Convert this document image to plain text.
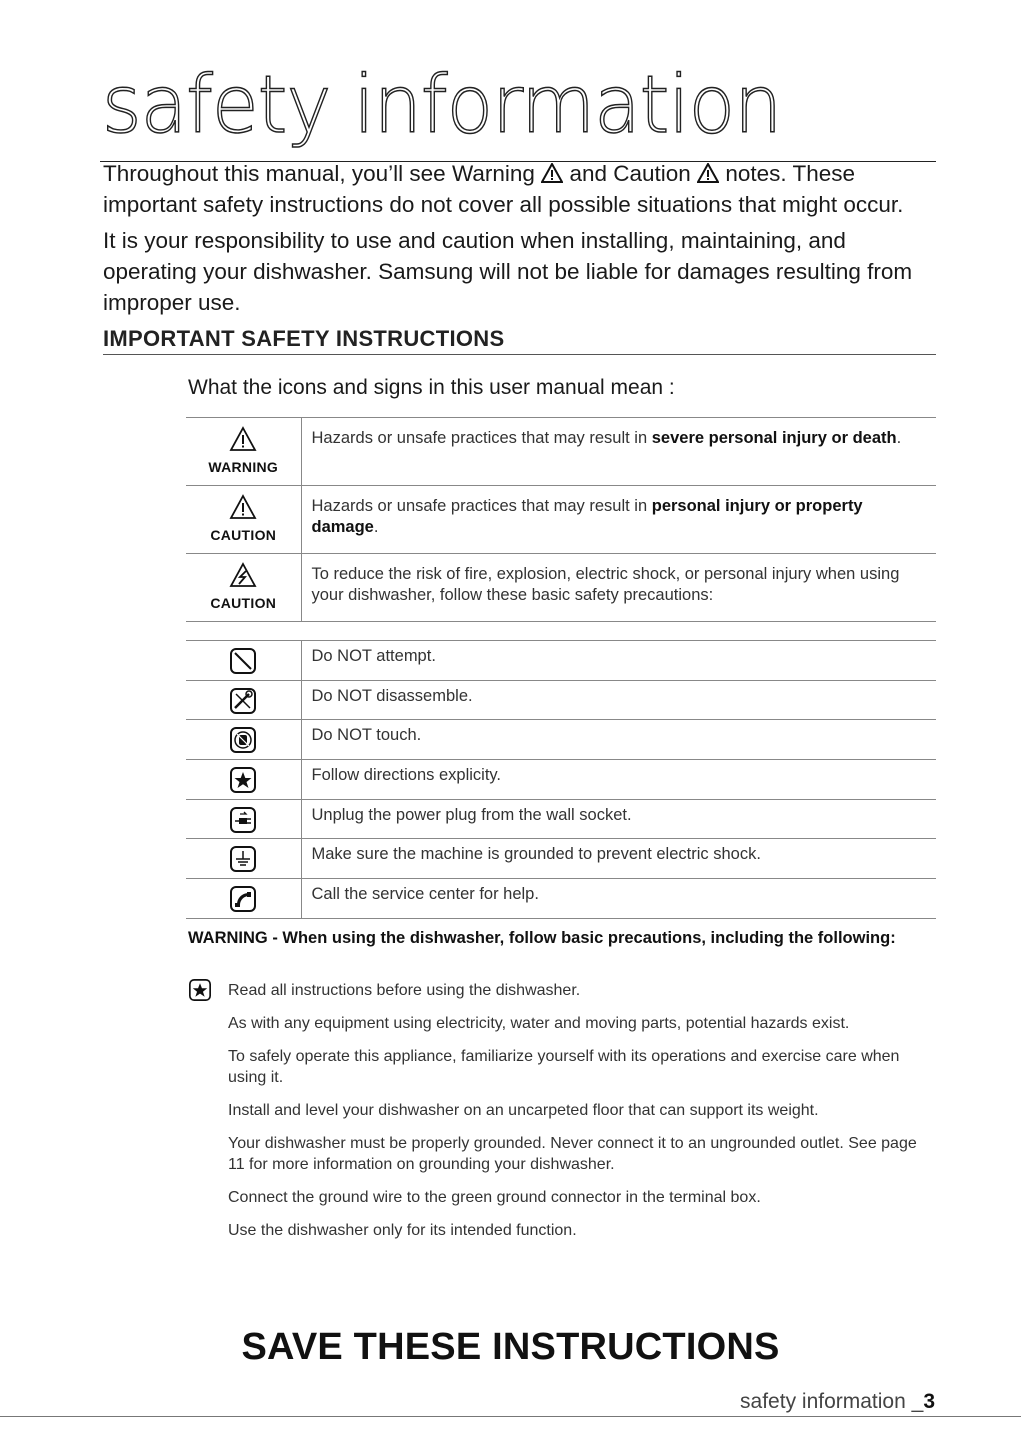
safety information

Throughout this manual, you’ll see Warning and Caution notes. These important safety instructions do not cover all possible situations that might occur.

It is your responsibility to use and caution when installing, maintaining, and operating your dishwasher. Samsung will not be liable for damages resulting from improper use.

IMPORTANT SAFETY INSTRUCTIONS
What the icons and signs in this user manual mean :
WARNING	Hazards or unsafe practices that may result in severe personal injury or death.

CAUTION	Hazards or unsafe practices that may result in personal injury or property damage.

CAUTION	To reduce the risk of fire, explosion, electric shock, or personal injury when using your dishwasher, follow these basic safety precautions:
	Do NOT attempt.
	Do NOT disassemble.
	Do NOT touch.
	Follow directions explicity.
	Unplug the power plug from the wall socket.
	Make sure the machine is grounded to prevent electric shock.
	Call the service center for help.
WARNING - When using the dishwasher, follow basic precautions, including the following:

Read all instructions before using the dishwasher.

As with any equipment using electricity, water and moving parts, potential hazards exist.

To safely operate this appliance, familiarize yourself with its operations and exercise care when using it.

Install and level your dishwasher on an uncarpeted floor that can support its weight.

Your dishwasher must be properly grounded. Never connect it to an ungrounded outlet. See page 11 for more information on grounding your dishwasher.

Connect the ground wire to the green ground connector in the terminal box.

Use the dishwasher only for its intended function.

SAVE THESE INSTRUCTIONS
safety information _3
